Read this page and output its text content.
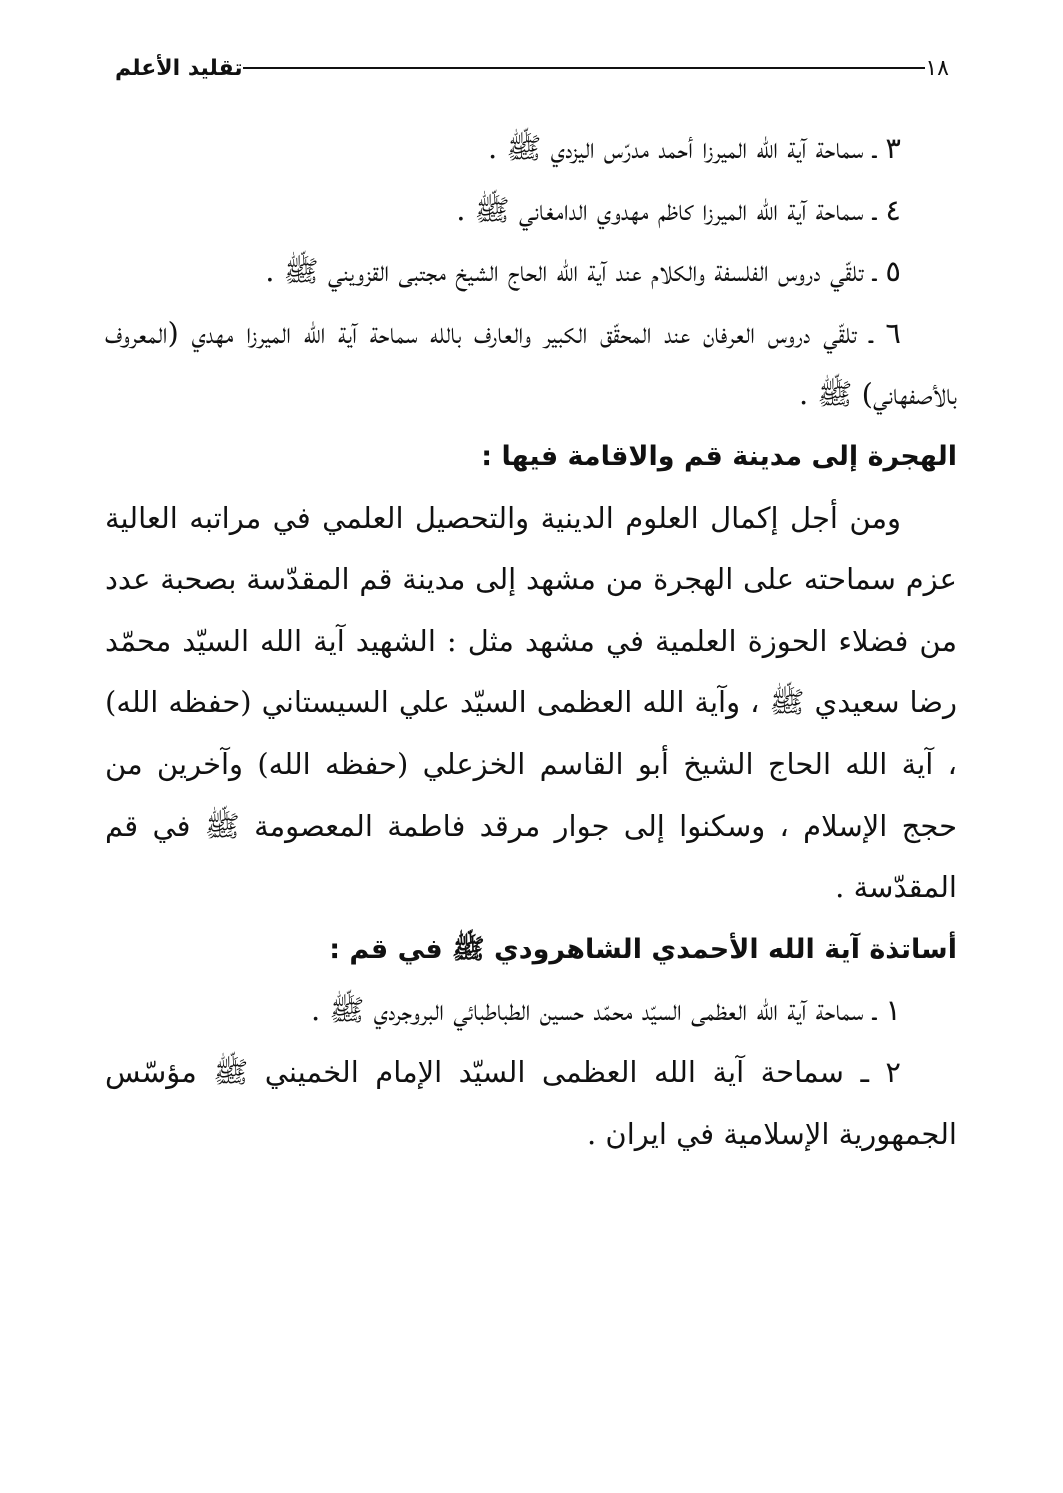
١٨
تقليد الأعلم

٣ ـ سماحة آية الله الميرزا أحمد مدرّس اليزدي ﷺ .

٤ ـ سماحة آية الله الميرزا كاظم مهدوي الدامغاني ﷺ .

٥ ـ تلقّي دروس الفلسفة والكلام عند آية الله الحاج الشيخ مجتبى القزويني ﷺ .

٦ ـ تلقّي دروس العرفان عند المحقّق الكبير والعارف بالله سماحة آية الله الميرزا مهدي (المعروف بالأصفهاني) ﷺ .

الهجرة إلى مدينة قم والاقامة فيها :

ومن أجل إكمال العلوم الدينية والتحصيل العلمي في مراتبه العالية عزم سماحته على الهجرة من مشهد إلى مدينة قم المقدّسة بصحبة عدد من فضلاء الحوزة العلمية في مشهد مثل : الشهيد آية الله السيّد محمّد رضا سعيدي ﷺ ، وآية الله العظمى السيّد علي السيستاني (حفظه الله) ، آية الله الحاج الشيخ أبو القاسم الخزعلي (حفظه الله) وآخرين من حجج الإسلام ، وسكنوا إلى جوار مرقد فاطمة المعصومة ﷺ في قم المقدّسة .

أساتذة آية الله الأحمدي الشاهرودي ﷺ في قم :

١ ـ سماحة آية الله العظمى السيّد محمّد حسين الطباطبائي البروجردي ﷺ .

٢ ـ سماحة آية الله العظمى السيّد الإمام الخميني ﷺ مؤسّس الجمهورية الإسلامية في ايران .
